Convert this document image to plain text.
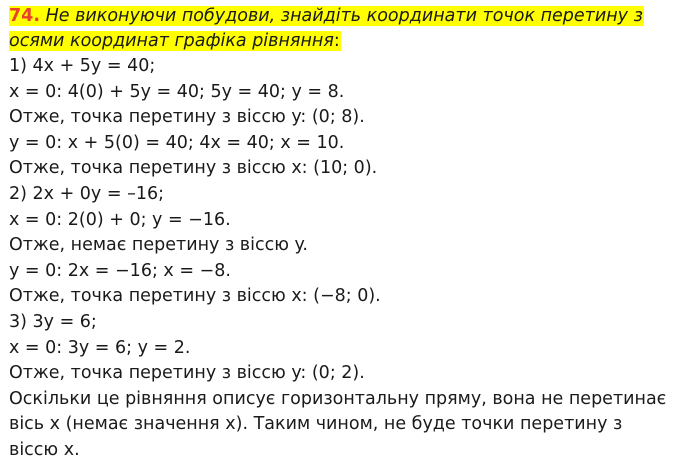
74. Не виконуючи побудови, знайдіть координати точок перетину з

осями координат графіка рівняння:

1) 4x + 5y = 40;

x = 0: 4(0) + 5y = 40; 5y = 40; y = 8.

Отже, точка перетину з віссю y: (0; 8).

y = 0: x + 5(0) = 40; 4x = 40; x = 10.

Отже, точка перетину з віссю x: (10; 0).

2) 2x + 0y = –16;

x = 0: 2(0) + 0; y = −16.

Отже, немає перетину з віссю y.

y = 0: 2x = −16; x = −8.

Отже, точка перетину з віссю x: (−8; 0).

3) 3y = 6;

x = 0: 3y = 6; y = 2.

Отже, точка перетину з віссю y: (0; 2).

Оскільки це рівняння описує горизонтальну пряму, вона не перетинає

вісь x (немає значення x). Таким чином, не буде точки перетину з

віссю x.
